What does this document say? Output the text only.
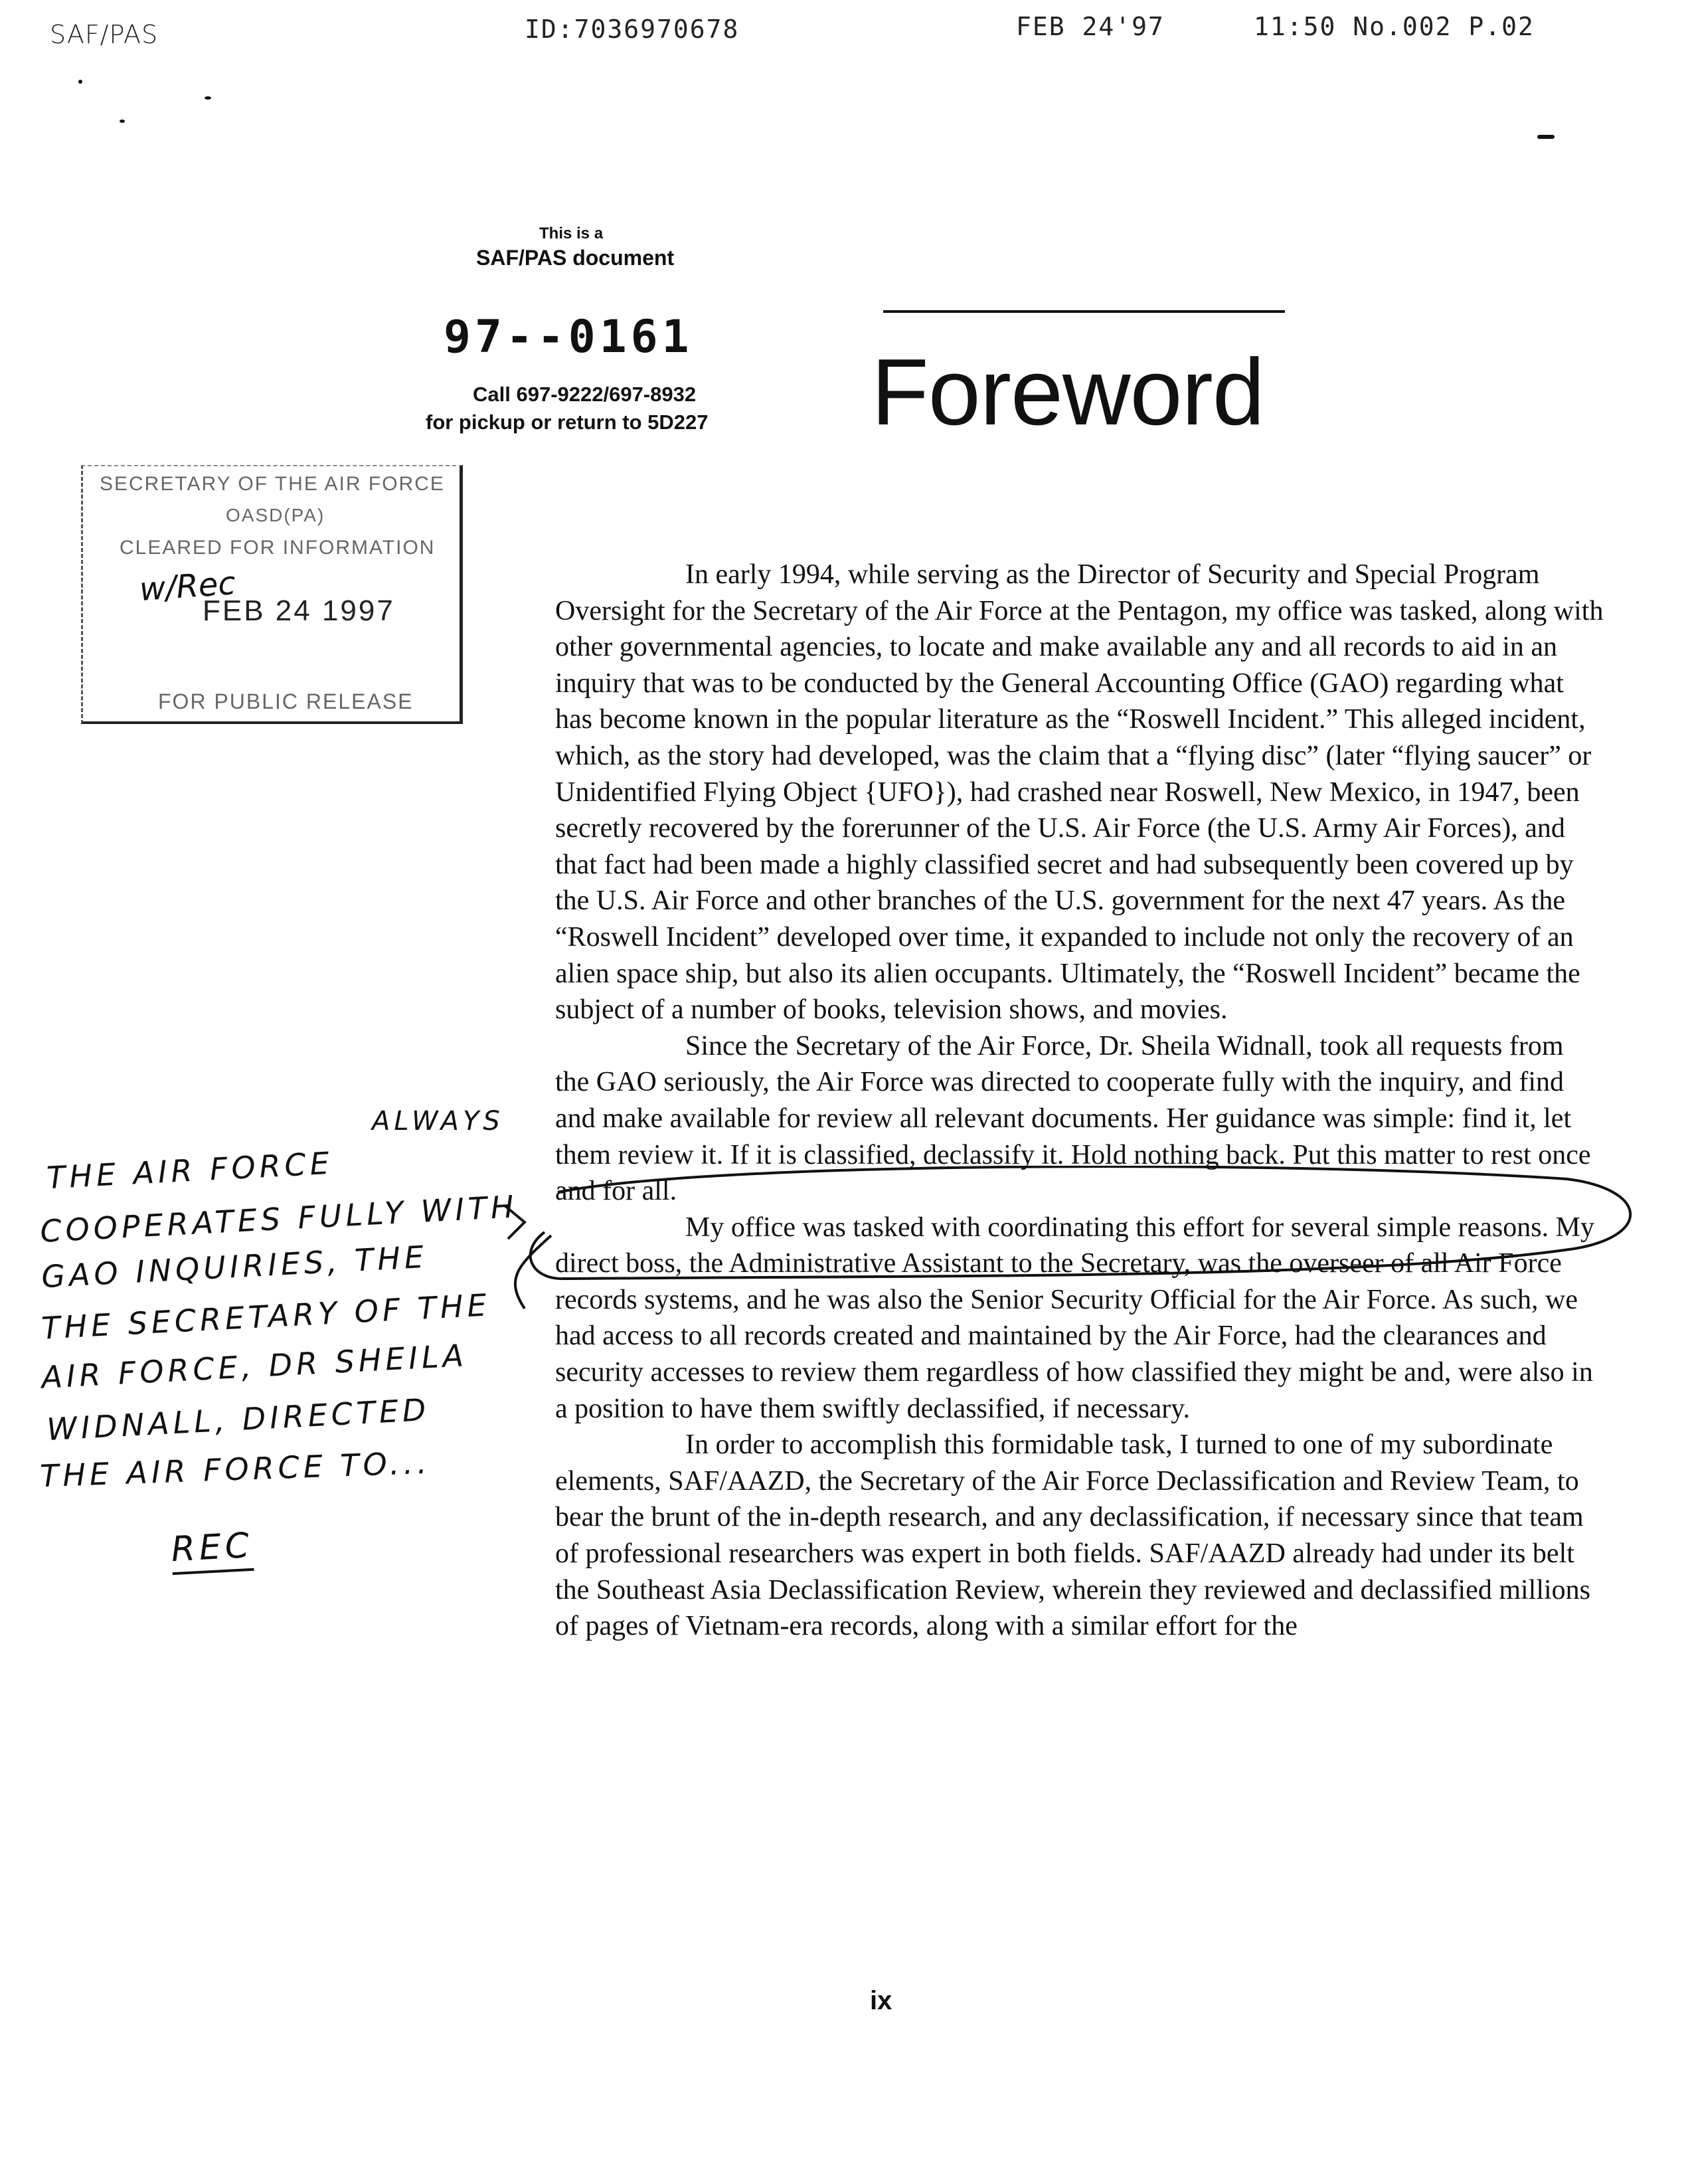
SAF/PAS	ID:7036970678	FEB 24'97	11:50 No.002 P.02
This is a
SAF/PAS document
97--0161
Call 697-9222/697-8932
for pickup or return to 5D227 Foreword
SECRETARY OF THE AIR FORCE
OASD(PA)
CLEARED FOR INFORMATION
w/Rec
FEB 24 1997
FOR PUBLIC RELEASE

In early 1994, while serving as the Director of Security and Special Program Oversight for the Secretary of the Air Force at the Pentagon, my office was tasked, along with other governmental agencies, to locate and make available any and all records to aid in an inquiry that was to be conducted by the General Accounting Office (GAO) regarding what has become known in the popular literature as the “Roswell Incident.” This alleged incident, which, as the story had developed, was the claim that a “flying disc” (later “flying saucer” or Unidentified Flying Object {UFO}), had crashed near Roswell, New Mexico, in 1947, been secretly recovered by the forerunner of the U.S. Air Force (the U.S. Army Air Forces), and that fact had been made a highly classified secret and had subsequently been covered up by the U.S. Air Force and other branches of the U.S. government for the next 47 years. As the “Roswell Incident” developed over time, it expanded to include not only the recovery of an alien space ship, but also its alien occupants. Ultimately, the “Roswell Incident” became the subject of a number of books, television shows, and movies.

Since the Secretary of the Air Force, Dr. Sheila Widnall, took all requests from the GAO seriously, the Air Force was directed to cooperate fully with the inquiry, and find and make available for review all relevant documents. Her guidance was simple: find it, let them review it. If it is classified, declassify it. Hold nothing back. Put this matter to rest once and for all.

My office was tasked with coordinating this effort for several simple reasons. My direct boss, the Administrative Assistant to the Secretary, was the overseer of all Air Force records systems, and he was also the Senior Security Official for the Air Force. As such, we had access to all records created and maintained by the Air Force, had the clearances and security accesses to review them regardless of how classified they might be and, were also in a position to have them swiftly declassified, if necessary.

In order to accomplish this formidable task, I turned to one of my subordinate elements, SAF/AAZD, the Secretary of the Air Force Declassification and Review Team, to bear the brunt of the in-depth research, and any declassification, if necessary since that team of professional researchers was expert in both fields. SAF/AAZD already had under its belt the Southeast Asia Declassification Review, wherein they reviewed and declassified millions of pages of Vietnam-era records, along with a similar effort for the

ALWAYS
THE AIR FORCE
COOPERATES FULLY WITH
GAO INQUIRIES, THE
THE SECRETARY OF THE
AIR FORCE, DR SHEILA
WIDNALL, DIRECTED
THE AIR FORCE TO...
REC
ix
